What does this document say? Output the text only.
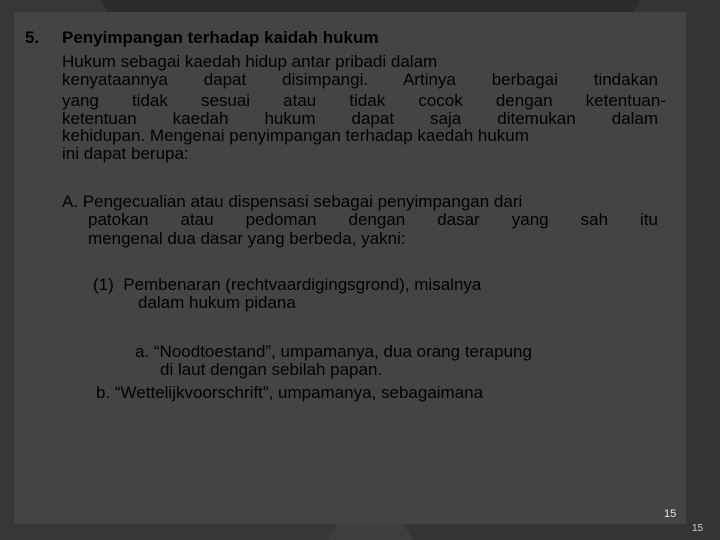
5. Penyimpangan terhadap kaidah hukum
Hukum sebagai kaedah hidup antar pribadi dalam
kenyataannya dapat disimpangi. Artinya berbagai tindakan
yang tidak sesuai atau tidak cocok dengan ketentuan-
ketentuan kaedah hukum dapat saja ditemukan dalam
kehidupan. Mengenai penyimpangan terhadap kaedah hukum
ini dapat berupa:
A. Pengecualian atau dispensasi sebagai penyimpangan dari
patokan atau pedoman dengan dasar yang sah itu
mengenal dua dasar yang berbeda, yakni:
(1)  Pembenaran (rechtvaardigingsgrond), misalnya
dalam hukum pidana
a. “Noodtoestand”, umpamanya, dua orang terapung
di laut dengan sebilah papan.
b. “Wettelijkvoorschrift”, umpamanya, sebagaimana
15
15
